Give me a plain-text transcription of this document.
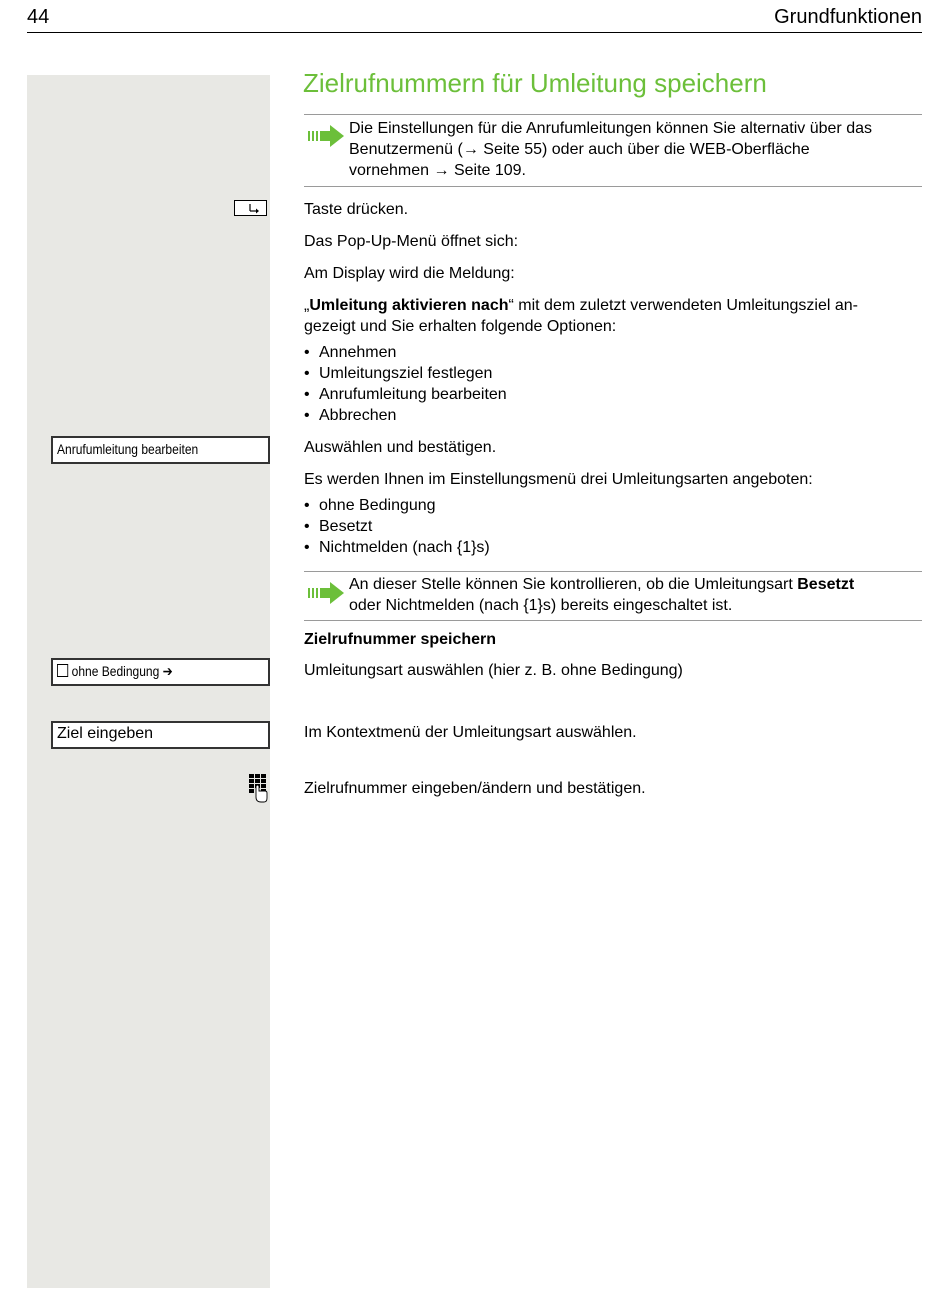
44	Grundfunktionen
Zielrufnummern für Umleitung speichern
Die Einstellungen für die Anrufumleitungen können Sie alternativ über das
Benutzermenü (→ Seite 55) oder auch über die WEB-Oberfläche
vornehmen → Seite 109.
Taste drücken.
Das Pop-Up-Menü öffnet sich:
Am Display wird die Meldung:
„Umleitung aktivieren nach“ mit dem zuletzt verwendeten Umleitungsziel an-
gezeigt und Sie erhalten folgende Optionen:
• Annehmen
• Umleitungsziel festlegen
• Anrufumleitung bearbeiten
• Abbrechen
Anrufumleitung bearbeiten	Auswählen und bestätigen.
Es werden Ihnen im Einstellungsmenü drei Umleitungsarten angeboten:
• ohne Bedingung
• Besetzt
• Nichtmelden (nach {1}s)
An dieser Stelle können Sie kontrollieren, ob die Umleitungsart Besetzt
oder Nichtmelden (nach {1}s) bereits eingeschaltet ist.
Zielrufnummer speichern
ohne Bedingung ➔	Umleitungsart auswählen (hier z. B. ohne Bedingung)
Ziel eingeben	Im Kontextmenü der Umleitungsart auswählen.
Zielrufnummer eingeben/ändern und bestätigen.
